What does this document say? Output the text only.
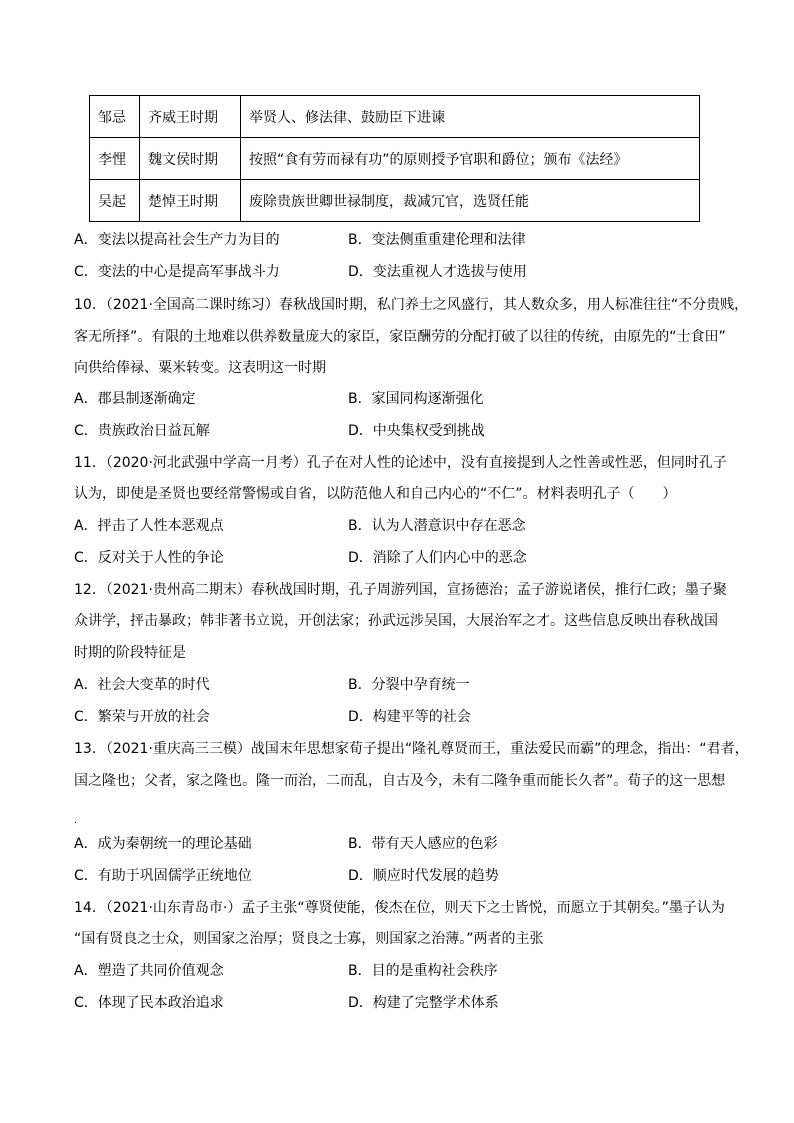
邹忌	齐威王时期	举贤人、修法律、鼓励臣下进谏
李悝	魏文侯时期	按照“食有劳而禄有功”的原则授予官职和爵位；颁布《法经》
吴起	楚悼王时期	废除贵族世卿世禄制度，裁减冗官，选贤任能
A．变法以提高社会生产力为目的	B．变法侧重重建伦理和法律
C．变法的中心是提高军事战斗力	D．变法重视人才选拔与使用
10．（2021·全国高二课时练习）春秋战国时期，私门养士之风盛行，其人数众多，用人标准往往“不分贵贱，
客无所择”。有限的土地难以供养数量庞大的家臣，家臣酬劳的分配打破了以往的传统，由原先的“士食田”
向供给俸禄、粟米转变。这表明这一时期
A．郡县制逐渐确定	B．家国同构逐渐强化
C．贵族政治日益瓦解	D．中央集权受到挑战
11．（2020·河北武强中学高一月考）孔子在对人性的论述中，没有直接提到人之性善或性恶，但同时孔子
认为，即使是圣贤也要经常警惕或自省，以防范他人和自己内心的“不仁”。材料表明孔子（　　）
A．抨击了人性本恶观点	B．认为人潜意识中存在恶念
C．反对关于人性的争论	D．消除了人们内心中的恶念
12．（2021·贵州高二期末）春秋战国时期，孔子周游列国，宣扬德治；孟子游说诸侯，推行仁政；墨子聚
众讲学，抨击暴政；韩非著书立说，开创法家；孙武远涉吴国，大展治军之才。这些信息反映出春秋战国
时期的阶段特征是
A．社会大变革的时代	B．分裂中孕育统一
C．繁荣与开放的社会	D．构建平等的社会
13．（2021·重庆高三三模）战国末年思想家荀子提出“隆礼尊贤而王，重法爱民而霸”的理念，指出：“君者，
国之隆也；父者，家之隆也。隆一而治，二而乱，自古及今，未有二隆争重而能长久者”。荀子的这一思想
.
A．成为秦朝统一的理论基础	B．带有天人感应的色彩
C．有助于巩固儒学正统地位	D．顺应时代发展的趋势
14．（2021·山东青岛市·）孟子主张“尊贤使能，俊杰在位，则天下之士皆悦，而愿立于其朝矣。”墨子认为
“国有贤良之士众，则国家之治厚；贤良之士寡，则国家之治薄。”两者的主张
A．塑造了共同价值观念	B．目的是重构社会秩序
C．体现了民本政治追求	D．构建了完整学术体系
